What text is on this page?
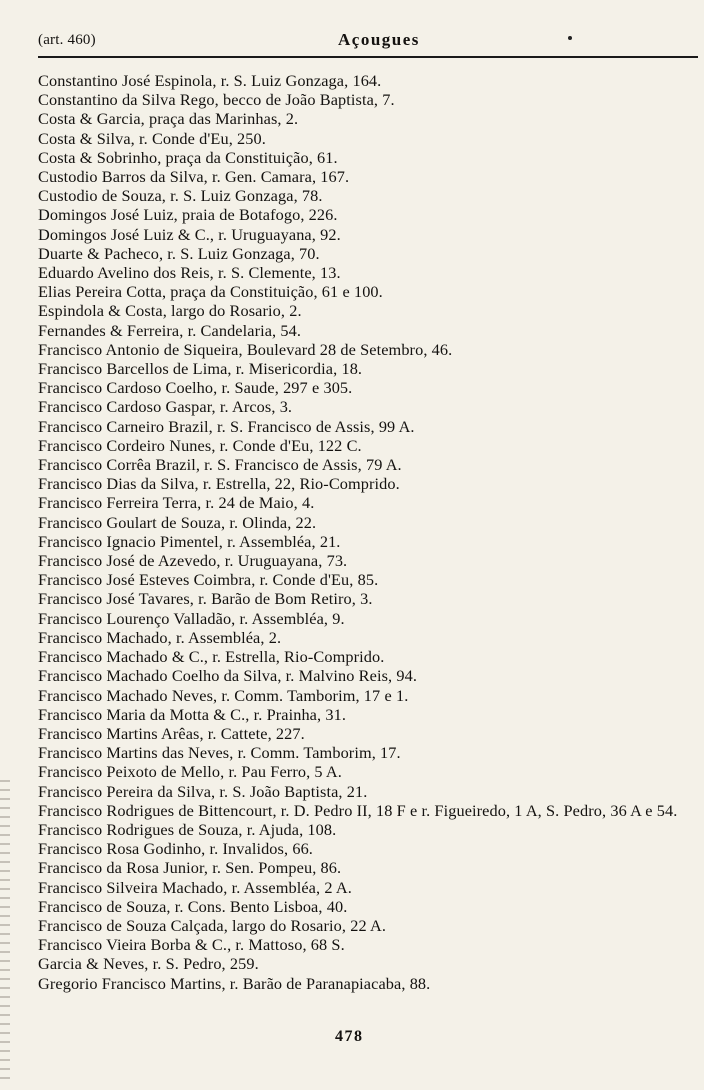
(art. 460)	Açougues
Constantino José Espinola, r. S. Luiz Gonzaga, 164.
Constantino da Silva Rego, becco de João Baptista, 7.
Costa & Garcia, praça das Marinhas, 2.
Costa & Silva, r. Conde d'Eu, 250.
Costa & Sobrinho, praça da Constituição, 61.
Custodio Barros da Silva, r. Gen. Camara, 167.
Custodio de Souza, r. S. Luiz Gonzaga, 78.
Domingos José Luiz, praia de Botafogo, 226.
Domingos José Luiz & C., r. Uruguayana, 92.
Duarte & Pacheco, r. S. Luiz Gonzaga, 70.
Eduardo Avelino dos Reis, r. S. Clemente, 13.
Elias Pereira Cotta, praça da Constituição, 61 e 100.
Espindola & Costa, largo do Rosario, 2.
Fernandes & Ferreira, r. Candelaria, 54.
Francisco Antonio de Siqueira, Boulevard 28 de Setembro, 46.
Francisco Barcellos de Lima, r. Misericordia, 18.
Francisco Cardoso Coelho, r. Saude, 297 e 305.
Francisco Cardoso Gaspar, r. Arcos, 3.
Francisco Carneiro Brazil, r. S. Francisco de Assis, 99 A.
Francisco Cordeiro Nunes, r. Conde d'Eu, 122 C.
Francisco Corrêa Brazil, r. S. Francisco de Assis, 79 A.
Francisco Dias da Silva, r. Estrella, 22, Rio-Comprido.
Francisco Ferreira Terra, r. 24 de Maio, 4.
Francisco Goulart de Souza, r. Olinda, 22.
Francisco Ignacio Pimentel, r. Assembléa, 21.
Francisco José de Azevedo, r. Uruguayana, 73.
Francisco José Esteves Coimbra, r. Conde d'Eu, 85.
Francisco José Tavares, r. Barão de Bom Retiro, 3.
Francisco Lourenço Valladão, r. Assembléa, 9.
Francisco Machado, r. Assembléa, 2.
Francisco Machado & C., r. Estrella, Rio-Comprido.
Francisco Machado Coelho da Silva, r. Malvino Reis, 94.
Francisco Machado Neves, r. Comm. Tamborim, 17 e 1.
Francisco Maria da Motta & C., r. Prainha, 31.
Francisco Martins Arêas, r. Cattete, 227.
Francisco Martins das Neves, r. Comm. Tamborim, 17.
Francisco Peixoto de Mello, r. Pau Ferro, 5 A.
Francisco Pereira da Silva, r. S. João Baptista, 21.
Francisco Rodrigues de Bittencourt, r. D. Pedro II, 18 F e r. Figueiredo, 1 A, S. Pedro, 36 A e 54.
Francisco Rodrigues de Souza, r. Ajuda, 108.
Francisco Rosa Godinho, r. Invalidos, 66.
Francisco da Rosa Junior, r. Sen. Pompeu, 86.
Francisco Silveira Machado, r. Assembléa, 2 A.
Francisco de Souza, r. Cons. Bento Lisboa, 40.
Francisco de Souza Calçada, largo do Rosario, 22 A.
Francisco Vieira Borba & C., r. Mattoso, 68 S.
Garcia & Neves, r. S. Pedro, 259.
Gregorio Francisco Martins, r. Barão de Paranapiacaba, 88.
478
